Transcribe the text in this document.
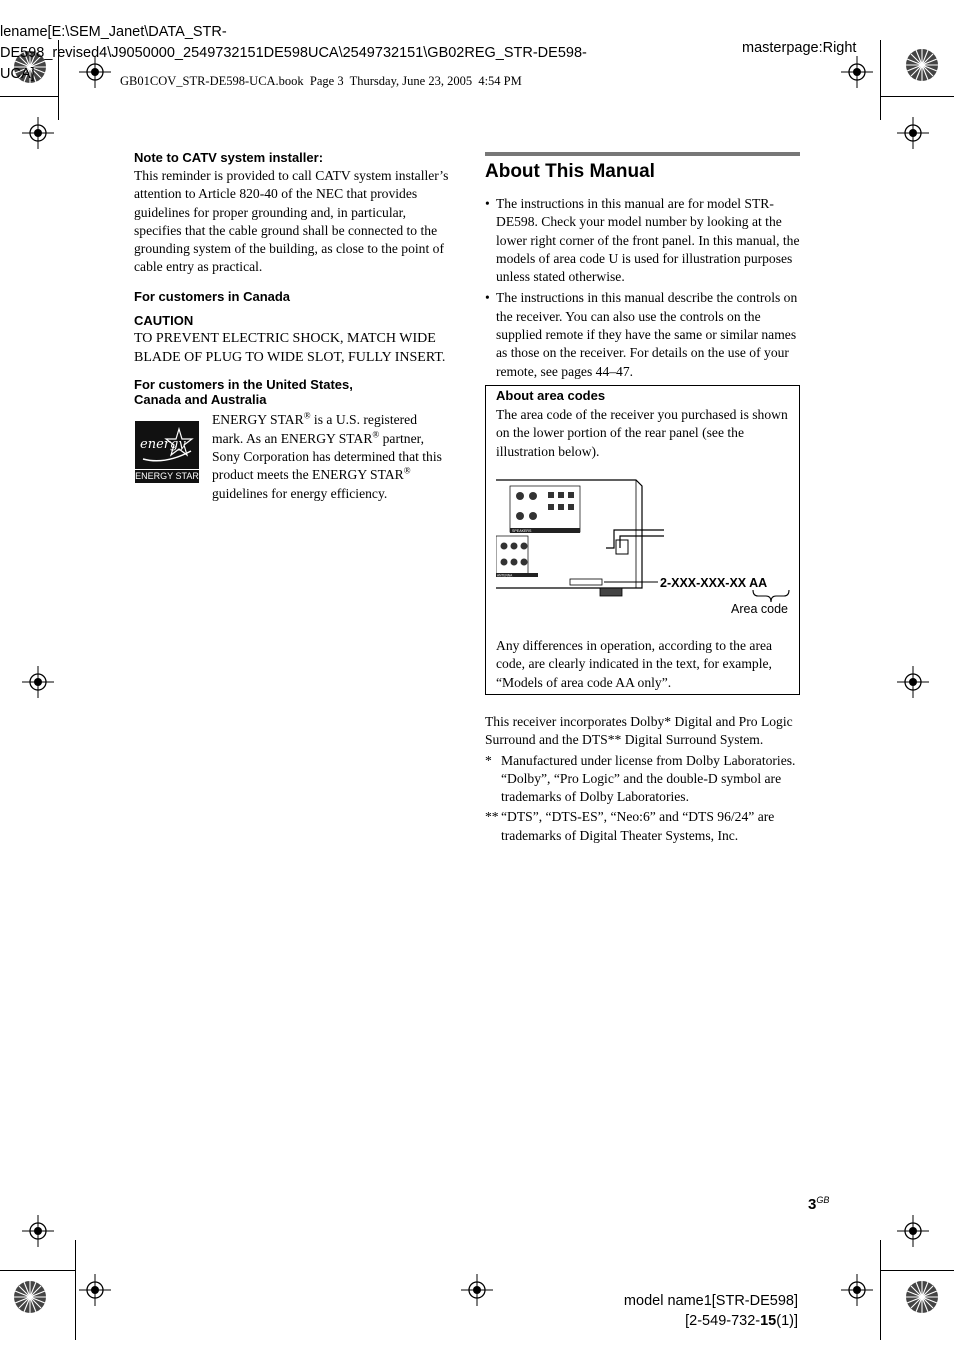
lename[E:\SEM_Janet\DATA_STR-
DE598_revised4\J9050000_2549732151DE598UCA\2549732151\GB02REG_STR-DE598-
UCA]
masterpage:Right
GB01COV_STR-DE598-UCA.book  Page 3  Thursday, June 23, 2005  4:54 PM
Note to CATV system installer:
This reminder is provided to call CATV system installer’s attention to Article 820-40 of the NEC that provides guidelines for proper grounding and, in particular, specifies that the cable ground shall be connected to the grounding system of the building, as close to the point of cable entry as practical.
For customers in Canada
CAUTION
TO PREVENT ELECTRIC SHOCK, MATCH WIDE BLADE OF PLUG TO WIDE SLOT, FULLY INSERT.
For customers in the United States,
Canada and Australia
energy
ENERGY STAR
ENERGY STAR® is a U.S. registered mark. As an ENERGY STAR® partner, Sony Corporation has determined that this product meets the ENERGY STAR® guidelines for energy efficiency.
About This Manual
• The instructions in this manual are for model STR-DE598. Check your model number by looking at the lower right corner of the front panel. In this manual, the models of area code U is used for illustration purposes unless stated otherwise.
• The instructions in this manual describe the controls on the receiver. You can also use the controls on the supplied remote if they have the same or similar names as those on the receiver. For details on the use of your remote, see pages 44–47.
About area codes
The area code of the receiver you purchased is shown on the lower portion of the rear panel (see the illustration below).
SPEAKERS
ANTENNA
2-XXX-XXX-XX AA
Area code
Any differences in operation, according to the area code, are clearly indicated in the text, for example, “Models of area code AA only”.
This receiver incorporates Dolby* Digital and Pro Logic Surround and the DTS** Digital Surround System.
* Manufactured under license from Dolby Laboratories.
“Dolby”, “Pro Logic” and the double-D symbol are trademarks of Dolby Laboratories.
** “DTS”, “DTS-ES”, “Neo:6” and “DTS 96/24” are trademarks of Digital Theater Systems, Inc.
$3^{GB}$
model name1[STR-DE598]
[2-549-732-15(1)]
